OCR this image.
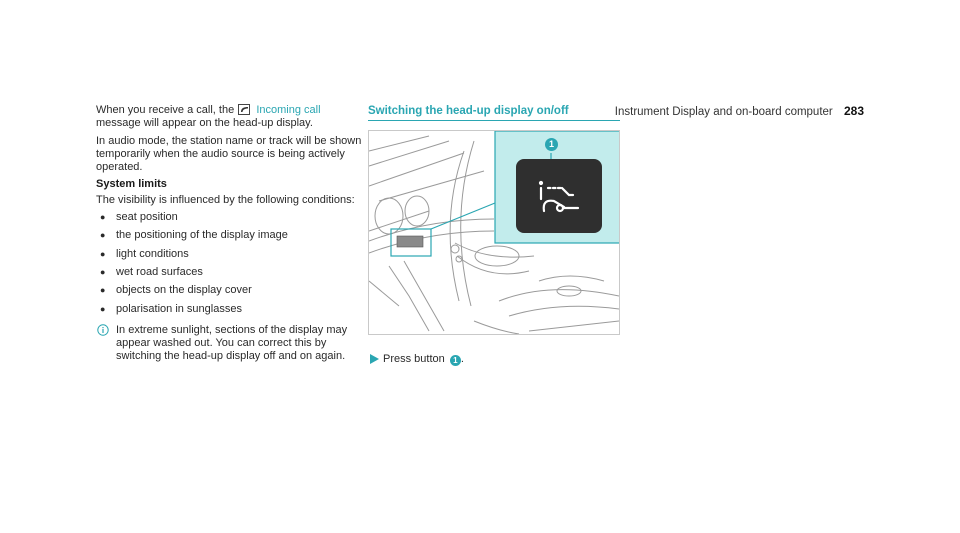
Instrument Display and on-board computer 283

When you receive a call, the Incoming call message will appear on the head-up display.

In audio mode, the station name or track will be shown temporarily when the audio source is being actively operated.

System limits

The visibility is influenced by the following conditions:

● seat position
● the positioning of the display image
● light conditions
● wet road surfaces
● objects on the display cover
● polarisation in sunglasses
In extreme sunlight, sections of the display may appear washed out. You can correct this by switching the head-up display off and on again.
Switching the head-up display on/off
1
Press button 1 .
